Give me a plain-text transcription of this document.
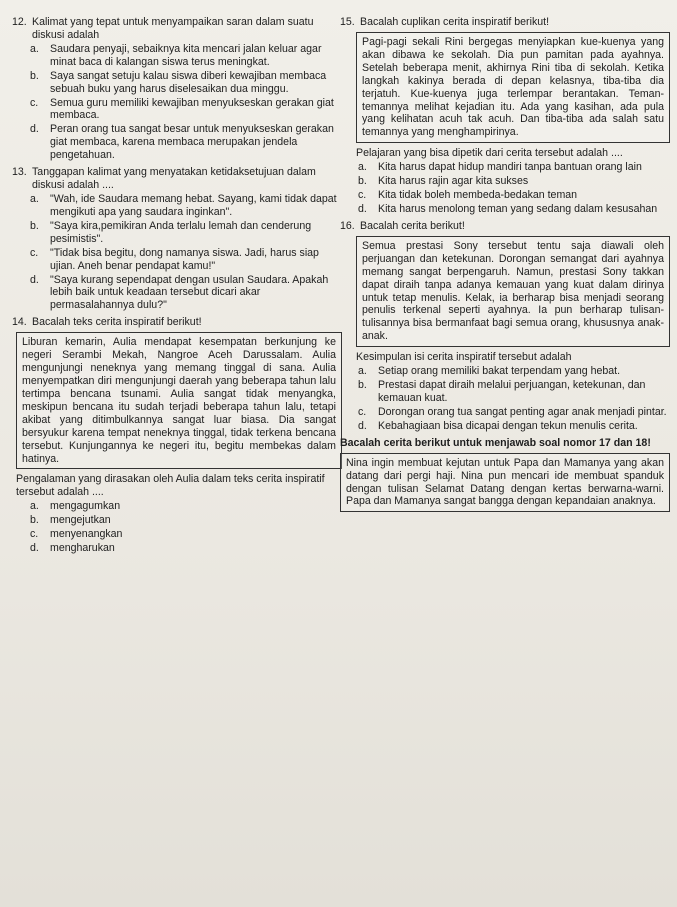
12. Kalimat yang tepat untuk menyampaikan saran dalam suatu diskusi adalah
a.	Saudara penyaji, sebaiknya kita mencari jalan keluar agar minat baca di kalangan siswa terus meningkat.
b.	Saya sangat setuju kalau siswa diberi kewajiban membaca sebuah buku yang harus diselesaikan dua minggu.
c.	Semua guru memiliki kewajiban menyukseskan gerakan giat membaca.
d.	Peran orang tua sangat besar untuk menyukseskan gerakan giat membaca, karena membaca merupakan jendela pengetahuan.
13. Tanggapan kalimat yang menyatakan ketidaksetujuan dalam diskusi adalah ....
a.	"Wah, ide Saudara memang hebat. Sayang, kami tidak dapat mengikuti apa yang saudara inginkan".
b.	"Saya kira,pemikiran Anda terlalu lemah dan cenderung pesimistis".
c.	"Tidak bisa begitu, dong namanya siswa. Jadi, harus siap ujian. Aneh benar pendapat kamu!"
d.	"Saya kurang sependapat dengan usulan Saudara. Apakah lebih baik untuk keadaan tersebut dicari akar permasalahannya dulu?"
14. Bacalah teks cerita inspiratif berikut!
Liburan kemarin, Aulia mendapat kesempatan berkunjung ke negeri Serambi Mekah, Nangroe Aceh Darussalam. Aulia mengunjungi neneknya yang memang tinggal di sana. Aulia menyempatkan diri mengunjungi daerah yang beberapa tahun lalu tertimpa bencana tsunami. Aulia sangat tidak menyangka, meskipun bencana itu sudah terjadi beberapa tahun lalu, tetapi akibat yang ditimbulkannya sangat luar biasa. Dia sangat bersyukur karena tempat neneknya tinggal, tidak terkena bencana tersebut. Kunjungannya ke negeri itu, begitu membekas dalam hatinya.
Pengalaman yang dirasakan oleh Aulia dalam teks cerita inspiratif tersebut adalah ....
a.	mengagumkan
b.	mengejutkan
c.	menyenangkan
d.	mengharukan
15. Bacalah cuplikan cerita inspiratif berikut!
Pagi-pagi sekali Rini bergegas menyiapkan kue-kuenya yang akan dibawa ke sekolah. Dia pun pamitan pada ayahnya. Setelah beberapa menit, akhirnya Rini tiba di sekolah. Ketika langkah kakinya berada di depan kelasnya, tiba-tiba dia terjatuh. Kue-kuenya juga terlempar berantakan. Teman-temannya melihat kejadian itu. Ada yang kasihan, ada pula yang kelihatan acuh tak acuh. Dan tiba-tiba ada salah satu temannya yang menghampirinya.
Pelajaran yang bisa dipetik dari cerita tersebut adalah ....
a.	Kita harus dapat hidup mandiri tanpa bantuan orang lain
b.	Kita harus rajin agar kita sukses
c.	Kita tidak boleh membeda-bedakan teman
d.	Kita harus menolong teman yang sedang dalam kesusahan
16. Bacalah cerita berikut!
Semua prestasi Sony tersebut tentu saja diawali oleh perjuangan dan ketekunan. Dorongan semangat dari ayahnya memang sangat berpengaruh. Namun, prestasi Sony takkan dapat diraih tanpa adanya kemauan yang kuat dalam dirinya untuk tetap menulis. Kelak, ia berharap bisa menjadi seorang penulis terkenal seperti ayahnya. Ia pun berharap tulisan-tulisannya bisa bermanfaat bagi semua orang, khususnya anak-anak.
Kesimpulan isi cerita inspiratif tersebut adalah
a.	Setiap orang memiliki bakat terpendam yang hebat.
b.	Prestasi dapat diraih melalui perjuangan, ketekunan, dan kemauan kuat.
c.	Dorongan orang tua sangat penting agar anak menjadi pintar.
d.	Kebahagiaan bisa dicapai dengan tekun menulis cerita.
Bacalah cerita berikut untuk menjawab soal nomor 17 dan 18!
Nina ingin membuat kejutan untuk Papa dan Mamanya yang akan datang dari pergi haji. Nina pun mencari ide membuat spanduk dengan tulisan Selamat Datang dengan kertas berwarna-warni. Papa dan Mamanya sangat bangga dengan kepandaian anaknya.
